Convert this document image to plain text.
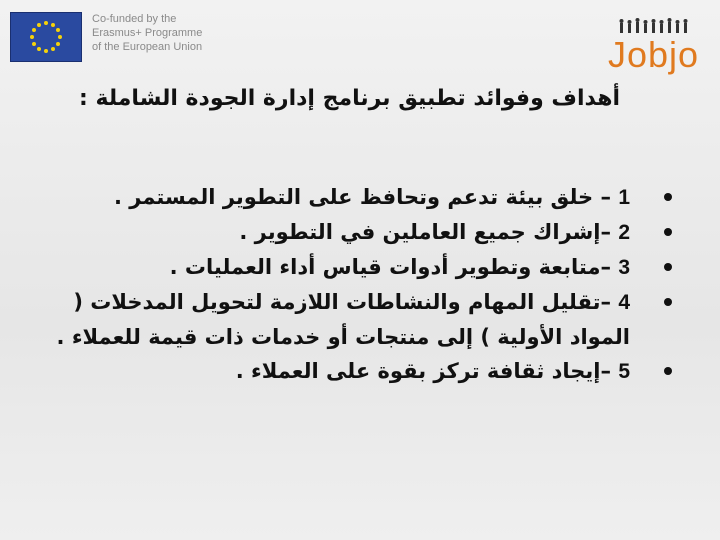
Co-funded by the
Erasmus+ Programme
of the European Union	Jobjo
أهداف وفوائد تطبيق برنامج إدارة الجودة الشاملة :
1 – خلق بيئة تدعم وتحافظ على التطوير المستمر .
2 –إشراك جميع العاملين في التطوير .
3 –متابعة وتطوير أدوات قياس أداء العمليات .
4 –تقليل المهام والنشاطات اللازمة لتحويل المدخلات ( المواد الأولية ) إلى منتجات أو خدمات ذات قيمة للعملاء .
5 –إيجاد ثقافة تركز بقوة على العملاء .
